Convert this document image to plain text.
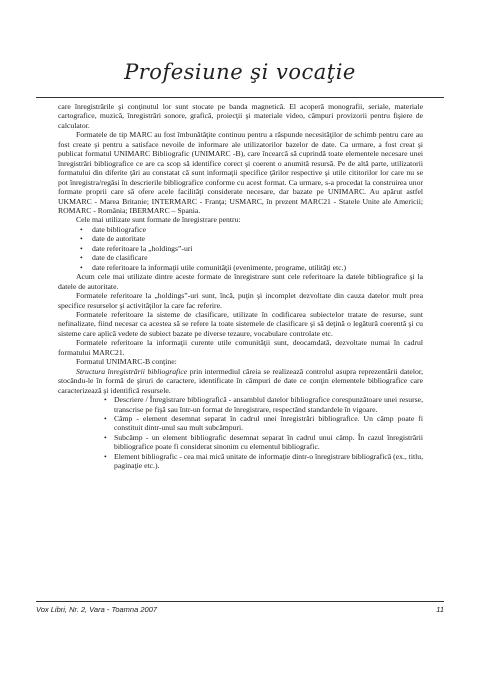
Profesiune şi vocaţie

care înregistrările şi conţinutul lor sunt stocate pe banda magnetică. El acoperă monografii, seriale, materiale cartografice, muzică, înregistrări sonore, grafică, proiecţii şi materiale video, câmpuri provizorii pentru fişiere de calculator.

Formatele de tip MARC au fost îmbunătăţite continuu pentru a răspunde necesităţilor de schimb pentru care au fost create şi pentru a satisface nevoile de informare ale utilizatorilor bazelor de date. Ca urmare, a fost creat şi publicat formatul UNIMARC Bibliografic (UNIMARC -B), care încearcă să cuprindă toate elementele necesare unei înregistrări bibliografice ce are ca scop să identifice corect şi coerent o anumită resursă. Pe de altă parte, utilizatorii formatului din diferite ţări au constatat că sunt informaţii specifice ţărilor respective şi utile cititorilor lor care nu se pot înregistra/regăsi în descrierile bibliografice conforme cu acest format. Ca urmare, s-a procedat la construirea unor formate proprii care să ofere acele facilităţi considerate necesare, dar bazate pe UNIMARC. Au apărut astfel UKMARC - Marea Britanie; INTERMARC - Franţa; USMARC, în prezent MARC21 - Statele Unite ale Americii; ROMARC - România; IBERMARC – Spania.

Cele mai utilizate sunt formate de înregistrare pentru:

• date bibliografice
• date de autoritate
• date referitoare la „holdings”-uri
• date de clasificare
• date referitoare la informaţii utile comunităţii (evenimente, programe, utilităţi etc.)

Acum cele mai utilizate dintre aceste formate de înregistrare sunt cele referitoare la datele bibliografice şi la datele de autoritate.

Formatele referitoare la „holdings”-uri sunt, încă, puţin şi incomplet dezvoltate din cauza datelor mult prea specifice resurselor şi activităţilor la care fac referire.

Formatele referitoare la sisteme de clasificare, utilizate în codificarea subiectelor tratate de resurse, sunt nefinalizate, fiind necesar ca acestea să se refere la toate sistemele de clasificare şi să deţină o legătură coerentă şi cu sisteme care aplică vedete de subiect bazate pe diverse tezaure, vocabulare controlate etc.

Formatele referitoare la informaţii curente utile comunităţii sunt, deocamdată, dezvoltate numai în cadrul formatului MARC21.

Formatul UNIMARC-B conţine:

Structura înregistrării bibliografice prin intermediul căreia se realizează controlul asupra reprezentării datelor, stocându-le în formă de şiruri de caractere, identificate în câmpuri de date ce conţin elementele bibliografice care caracterizează şi identifică resursele.

• Descriere / Înregistrare bibliografică - ansamblul datelor bibliografice corespunzătoare unei resurse, transcrise pe fişă sau într-un format de înregistrare, respectând standardele în vigoare.
• Câmp - element desemnat separat în cadrul unei înregistrări bibliografice. Un câmp poate fi constituit dintr-unul sau mult subcâmpuri.
• Subcâmp - un element bibliografic desemnat separat în cadrul unui câmp. În cazul înregistrării bibliografice poate fi considerat sinonim cu elementul bibliografic.
• Element bibliografic - cea mai mică unitate de informaţie dintr-o înregistrare bibliografică (ex., titlu, paginaţie etc.).
Vox Libri, Nr. 2, Vara - Toamna 2007	11
